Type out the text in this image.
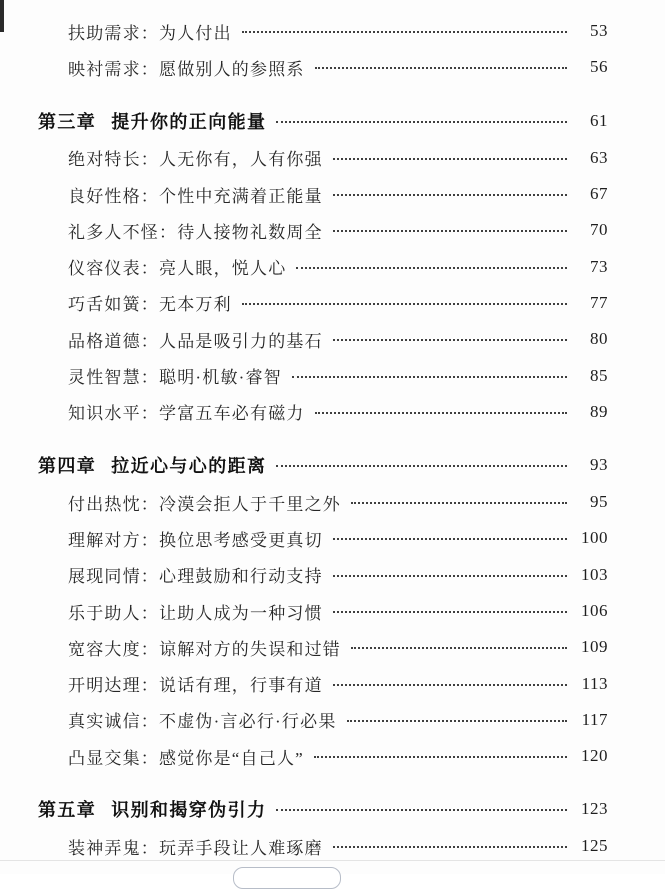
扶助需求：为人付出	53
映衬需求：愿做别人的参照系	56
第三章 提升你的正向能量	61
绝对特长：人无你有，人有你强	63
良好性格：个性中充满着正能量	67
礼多人不怪：待人接物礼数周全	70
仪容仪表：亮人眼，悦人心	73
巧舌如簧：无本万利	77
品格道德：人品是吸引力的基石	80
灵性智慧：聪明·机敏·睿智	85
知识水平：学富五车必有磁力	89
第四章 拉近心与心的距离	93
付出热忱：冷漠会拒人于千里之外	95
理解对方：换位思考感受更真切	100
展现同情：心理鼓励和行动支持	103
乐于助人：让助人成为一种习惯	106
宽容大度：谅解对方的失误和过错	109
开明达理：说话有理，行事有道	113
真实诚信：不虚伪·言必行·行必果	117
凸显交集：感觉你是“自己人”	120
第五章 识别和揭穿伪引力	123
装神弄鬼：玩弄手段让人难琢磨	125
